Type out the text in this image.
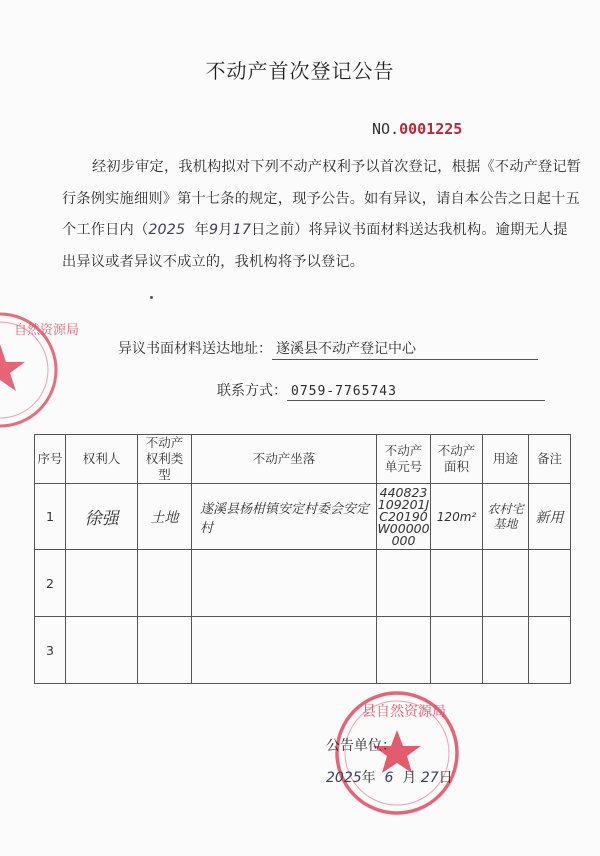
自然资源局
不动产首次登记公告
NO.0001225
经初步审定，我机构拟对下列不动产权利予以首次登记，根据《不动产登记暂行条例实施细则》第十七条的规定，现予公告。如有异议，请自本公告之日起十五个工作日内（2025 年9月17日之前）将异议书面材料送达我机构。逾期无人提出异议或者异议不成立的，我机构将予以登记。
异议书面材料送达地址： 遂溪县不动产登记中心
联系方式： 0759-7765743
序号	权利人	不动产权利类型	不动产坐落	不动产单元号	不动产面积	用途	备注
1	徐强	土地	遂溪县杨柑镇安定村委会安定村	440823109201JC20190W00000000	120m²	农村宅基地	新用
2							
3							
县自然资源局
公告单位：
2025年 6 月 27日
